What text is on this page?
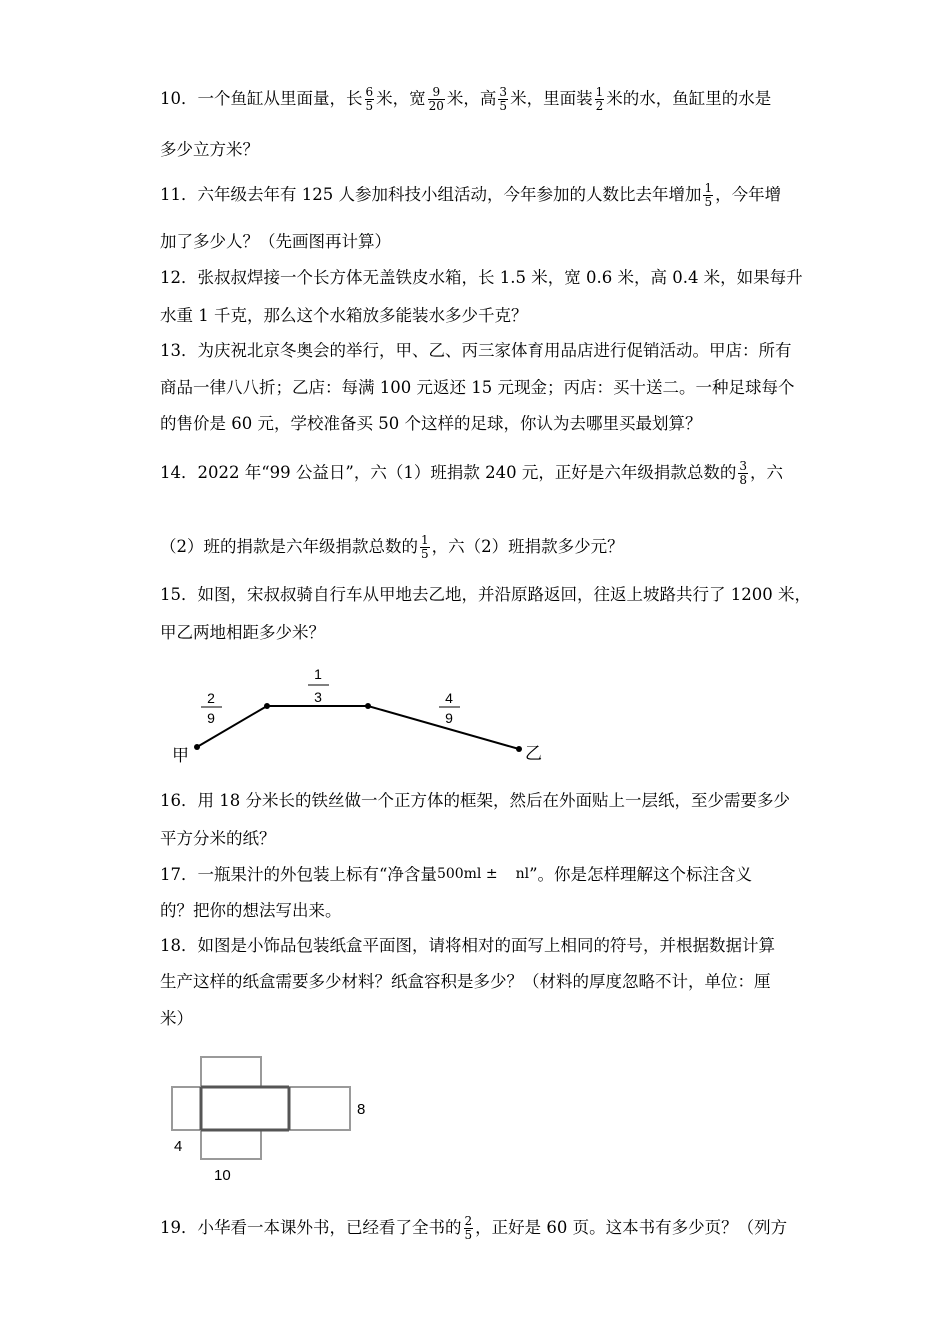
10．一个鱼缸从里面量，长 $\frac{6}{5}$ 米，宽 $\frac{9}{20}$ 米，高 $\frac{3}{5}$ 米，里面装 $\frac{1}{2}$ 米的水，鱼缸里的水是
多少立方米？
11．六年级去年有 125 人参加科技小组活动，今年参加的人数比去年增加 $\frac{1}{5}$ ，今年增
加了多少人？（先画图再计算）
12．张叔叔焊接一个长方体无盖铁皮水箱，长 1.5 米，宽 0.6 米，高 0.4 米，如果每升
水重 1 千克，那么这个水箱放多能装水多少千克？
13．为庆祝北京冬奥会的举行，甲、乙、丙三家体育用品店进行促销活动。甲店：所有
商品一律八八折；乙店：每满 100 元返还 15 元现金；丙店：买十送二。一种足球每个
的售价是 60 元，学校准备买 50 个这样的足球，你认为去哪里买最划算？
14．2022 年“99 公益日”，六（1）班捐款 240 元，正好是六年级捐款总数的 $\frac{3}{8}$ ，六
（2）班的捐款是六年级捐款总数的 $\frac{1}{5}$ ，六（2）班捐款多少元？
15．如图，宋叔叔骑自行车从甲地去乙地，并沿原路返回，往返上坡路共行了 1200 米，
甲乙两地相距多少米？
甲	乙
2
9
1
3	4
9
16．用 18 分米长的铁丝做一个正方体的框架，然后在外面贴上一层纸，至少需要多少
平方分米的纸？
17．一瓶果汁的外包装上标有“净含量500ml ± nl”。你是怎样理解这个标注含义
的？把你的想法写出来。
18．如图是小饰品包装纸盒平面图，请将相对的面写上相同的符号，并根据数据计算
生产这样的纸盒需要多少材料？纸盒容积是多少？（材料的厚度忽略不计，单位：厘
米）
8
4
10
19．小华看一本课外书，已经看了全书的 $\frac{2}{5}$ ，正好是 60 页。这本书有多少页？（列方
